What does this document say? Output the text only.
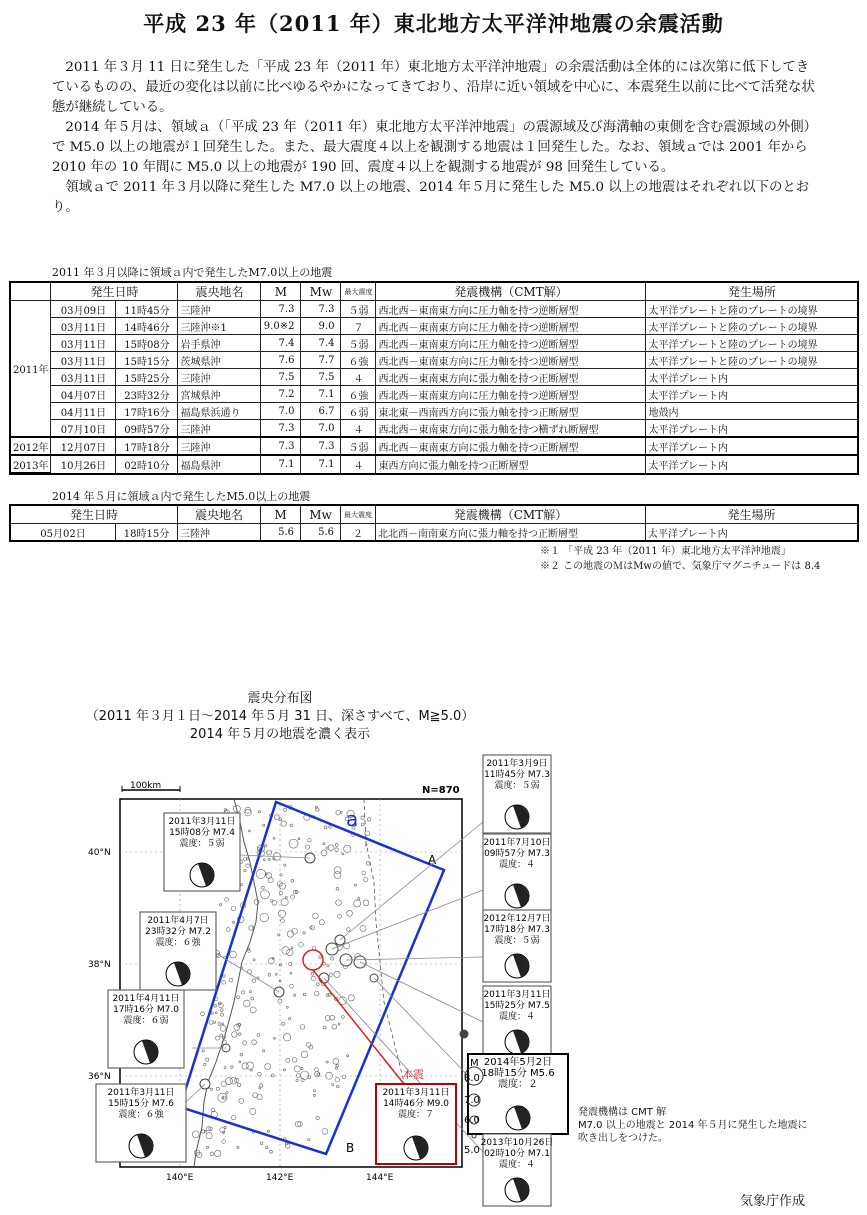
平成 23 年（2011 年）東北地方太平洋沖地震の余震活動

2011 年３月 11 日に発生した「平成 23 年（2011 年）東北地方太平洋沖地震」の余震活動は全体的には次第に低下してきているものの、最近の変化は以前に比べゆるやかになってきており、沿岸に近い領域を中心に、本震発生以前に比べて活発な状態が継続している。

2014 年５月は、領域ａ（「平成 23 年（2011 年）東北地方太平洋沖地震」の震源域及び海溝軸の東側を含む震源域の外側）で M5.0 以上の地震が１回発生した。また、最大震度４以上を観測する地震は１回発生した。なお、領域ａでは 2001 年から 2010 年の 10 年間に M5.0 以上の地震が 190 回、震度４以上を観測する地震が 98 回発生している。

領域ａで 2011 年３月以降に発生した M7.0 以上の地震、2014 年５月に発生した M5.0 以上の地震はそれぞれ以下のとおり。

2011 年３月以降に領域ａ内で発生したM7.0以上の地震
	発生日時		震央地名	M	Mw	最大震度	発震機構（CMT解）	発生場所
2011年	03月09日	11時45分	三陸沖	7.3	7.3	５弱	西北西－東南東方向に圧力軸を持つ逆断層型	太平洋プレートと陸のプレートの境界
	03月11日	14時46分	三陸沖※1	9.0※2	9.0	７	西北西－東南東方向に圧力軸を持つ逆断層型	太平洋プレートと陸のプレートの境界
	03月11日	15時08分	岩手県沖	7.4	7.4	５弱	西北西－東南東方向に圧力軸を持つ逆断層型	太平洋プレートと陸のプレートの境界
	03月11日	15時15分	茨城県沖	7.6	7.7	６強	西北西－東南東方向に圧力軸を持つ逆断層型	太平洋プレートと陸のプレートの境界
	03月11日	15時25分	三陸沖	7.5	7.5	４	西北西－東南東方向に張力軸を持つ正断層型	太平洋プレート内
	04月07日	23時32分	宮城県沖	7.2	7.1	６強	西北西－東南東方向に圧力軸を持つ逆断層型	太平洋プレート内
	04月11日	17時16分	福島県浜通り	7.0	6.7	６弱	東北東－西南西方向に張力軸を持つ正断層型	地殻内
	07月10日	09時57分	三陸沖	7.3	7.0	４	西北西－東南東方向に張力軸を持つ横ずれ断層型	太平洋プレート内
2012年	12月07日	17時18分	三陸沖	7.3	7.3	５弱	西北西－東南東方向に張力軸を持つ正断層型	太平洋プレート内
2013年	10月26日	02時10分	福島県沖	7.1	7.1	４	東西方向に張力軸を持つ正断層型	太平洋プレート内
2014 年５月に領域ａ内で発生したM5.0以上の地震
発生日時		震央地名	M	Mw	最大震度	発震機構（CMT解）	発生場所
05月02日	18時15分	三陸沖	5.6	5.6	２	北北西－南南東方向に張力軸を持つ正断層型	太平洋プレート内
※１ 「平成 23 年（2011 年）東北地方太平洋沖地震」
※２ この地震のＭはMwの値で、気象庁マグニチュードは 8.4
震央分布図
（2011 年３月１日～2014 年５月 31 日、深さすべて、M≧5.0）
2014 年５月の地震を濃く表示
100km	N=870
40°N
38°N
36°N
140°E	142°E	144°E
a
A
B
本震
2011年3月11日
15時08分 M7.4
震度：５弱
2011年4月7日
23時32分 M7.2
震度：６強
2011年4月11日
17時16分 M7.0
震度：６弱
2011年3月11日
15時15分 M7.6
震度：６強
2011年3月11日
14時46分 M9.0
震度：７
2011年3月9日
11時45分 M7.3
震度：５弱
2011年7月10日
09時57分 M7.3
震度：４
2012年12月7日
17時18分 M7.3
震度：５弱
2011年3月11日
15時25分 M7.5
震度：４
2014年5月2日
18時15分 M5.6
震度：２
2013年10月26日
02時10分 M7.1
震度：４
M
8.0
7.0
6.0
5.0
発震機構は CMT 解
M7.0 以上の地震と 2014 年５月に発生した地震に
吹き出しをつけた。
気象庁作成
